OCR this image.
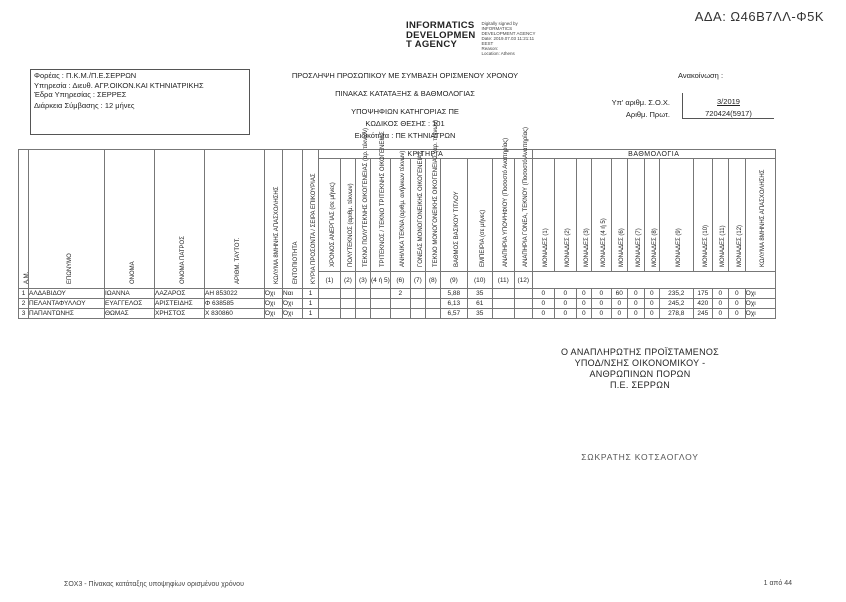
ΑΔΑ: Ω46Β7ΛΛ-Φ5Κ
INFORMATICS
DEVELOPMEN
T AGENCY
Digitally signed by
INFORMATICS
DEVELOPMENT AGENCY
Date: 2019.07.03 11:21:11
EEST
Reason:
Location: Athens
Φορέας : Π.Κ.Μ./Π.Ε.ΣΕΡΡΩΝ
Υπηρεσία : Διευθ. ΑΓΡ.ΟΙΚΟΝ.ΚΑΙ ΚΤΗΝΙΑΤΡΙΚΗΣ
Έδρα Υπηρεσίας : ΣΕΡΡΕΣ
Διάρκεια Σύμβασης : 12 μήνες
ΠΡΟΣΛΗΨΗ ΠΡΟΣΩΠΙΚΟΥ ΜΕ ΣΥΜΒΑΣΗ ΟΡΙΣΜΕΝΟΥ ΧΡΟΝΟΥ
ΠΙΝΑΚΑΣ ΚΑΤΑΤΑΞΗΣ & ΒΑΘΜΟΛΟΓΙΑΣ
ΥΠΟΨΗΦΙΩΝ ΚΑΤΗΓΟΡΙΑΣ ΠΕ
ΚΩΔΙΚΟΣ ΘΕΣΗΣ : 101
Ειδικότητα : ΠΕ ΚΤΗΝΙΑΤΡΩΝ
Ανακοίνωση :
Υπ' αριθμ. Σ.Ο.Χ.
Αριθμ. Πρωτ.
3/2019
720424(5917)
Α.Μ.	ΕΠΩΝΥΜΟ	ΟΝΟΜΑ	ΟΝΟΜΑ ΠΑΤΡΟΣ	ΑΡΙΘΜ. ΤΑΥΤΟΤ.	ΚΩΛΥΜΑ 8ΜΗΝΗΣ ΑΠΑΣΧΟΛΗΣΗΣ	ΕΝΤΟΠΙΟΤΗΤΑ	ΚΥΡΙΑ ΠΡΟΣΟΝΤΑ / ΣΕΙΡΑ ΕΠΙΚΟΥΡΙΑΣ	ΚΡΙΤΗΡΙΑ											ΒΑΘΜΟΛΟΓΙΑ											

								ΧΡΟΝΟΣ ΑΝΕΡΓΙΑΣ (σε μήνες)	ΠΟΛΥΤΕΚΝΟΣ (αριθμ. τέκνων)	ΤΕΚΝΟ ΠΟΛΥΤΕΚΝΗΣ ΟΙΚΟΓΕΝΕΙΑΣ (αρ. τέκνων)	ΤΡΙΤΕΚΝΟΣ / ΤΕΚΝΟ ΤΡΙΤΕΚΝΗΣ ΟΙΚΟΓΕΝΕΙΑΣ	ΑΝΗΛΙΚΑ ΤΕΚΝΑ (αριθμ. ανήλικων τέκνων)	ΓΟΝΕΑΣ ΜΟΝΟΓΟΝΕΙΚΗΣ ΟΙΚΟΓΕΝΕΙΑΣ	ΤΕΚΝΟ ΜΟΝΟΓΟΝΕΙΚΗΣ ΟΙΚΟΓΕΝΕΙΑΣ (αρ. τέκνων)	ΒΑΘΜΟΣ ΒΑΣΙΚΟΥ ΤΙΤΛΟΥ	ΕΜΠΕΙΡΙΑ (σε μήνες)	ΑΝΑΠΗΡΙΑ ΥΠΟΨΗΦΙΟΥ (Ποσοστό Αναπηρίας)	ΑΝΑΠΗΡΙΑ ΓΟΝΕΑ, ΤΕΚΝΟΥ (Ποσοστό Αναπηρίας)	ΜΟΝΑΔΕΣ (1)	ΜΟΝΑΔΕΣ (2)	ΜΟΝΑΔΕΣ (3)	ΜΟΝΑΔΕΣ (4 ή 5)	ΜΟΝΑΔΕΣ (6)	ΜΟΝΑΔΕΣ (7)	ΜΟΝΑΔΕΣ (8)	ΜΟΝΑΔΕΣ (9)	ΜΟΝΑΔΕΣ (10)	ΜΟΝΑΔΕΣ (11)	ΜΟΝΑΔΕΣ (12)	ΚΩΛΥΜΑ 8ΜΗΝΗΣ ΑΠΑΣΧΟΛΗΣΗΣ

								(1)	(2)	(3)	(4 ή 5)	(6)	(7)	(8)	(9)	(10)	(11)	(12)												
1	ΑΛΔΑΒΙΔΟΥ	ΙΩΑΝΝΑ	ΛΑΖΑΡΟΣ	ΑΗ 853022	Όχι	Ναι	1					2			5,88	35			0	0	0	0	60	0	0	235,2	175	0	0	Όχι
2	ΠΕΛΑΝΤΑΦΥΛΛΟΥ	ΕΥΑΓΓΕΛΟΣ	ΑΡΙΣΤΕΙΔΗΣ	Φ 638585	Όχι	Όχι	1								6,13	61			0	0	0	0	0	0	0	245,2	420	0	0	Όχι
3	ΠΑΠΑΝΤΩΝΗΣ	ΘΩΜΑΣ	ΧΡΗΣΤΟΣ	Χ 830860	Όχι	Όχι	1								6,57	35			0	0	0	0	0	0	0	278,8	245	0	0	Όχι
Ο ΑΝΑΠΛΗΡΩΤΗΣ ΠΡΟΪΣΤΑΜΕΝΟΣ
ΥΠΟΔ/ΝΣΗΣ ΟΙΚΟΝΟΜΙΚΟΥ -
ΑΝΘΡΩΠΙΝΩΝ ΠΟΡΩΝ
Π.Ε. ΣΕΡΡΩΝ
ΣΩΚΡΑΤΗΣ ΚΟΤΣΑΟΓΛΟΥ
ΣΟΧ3 - Πίνακας κατάταξης υποψηφίων ορισμένου χρόνου	1 από 44
